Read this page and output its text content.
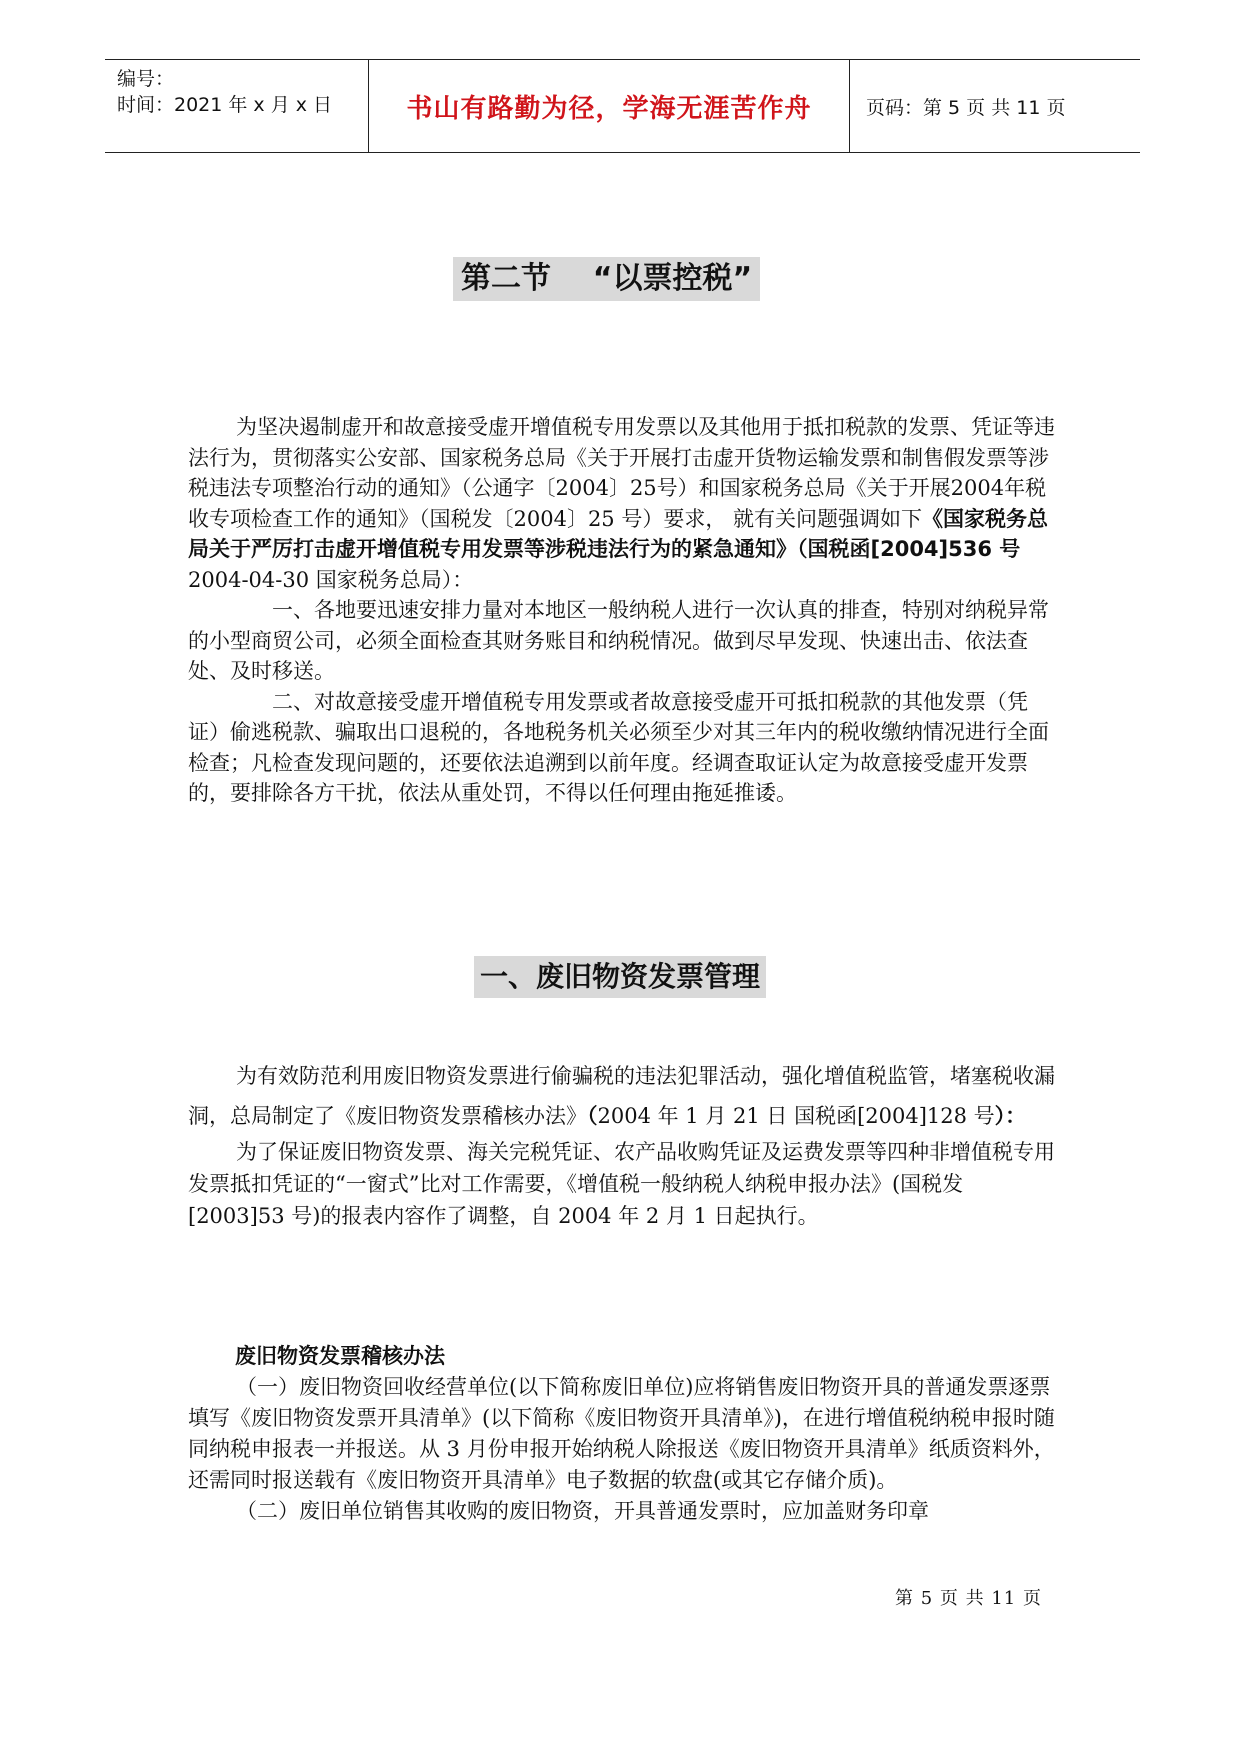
编号：
时间：2021 年 x 月 x 日	书山有路勤为径，学海无涯苦作舟	页码：第 5 页 共 11 页
第二节    “以票控税”

为坚决遏制虚开和故意接受虚开增值税专用发票以及其他用于抵扣税款的发票、凭证等违法行为，贯彻落实公安部、国家税务总局《关于开展打击虚开货物运输发票和制售假发票等涉税违法专项整治行动的通知》（公通字〔2004〕25号）和国家税务总局《关于开展2004年税收专项检查工作的通知》（国税发〔2004〕25 号）要求， 就有关问题强调如下《国家税务总局关于严厉打击虚开增值税专用发票等涉税违法行为的紧急通知》（国税函[2004]536 号2004-04-30 国家税务总局）：

一、各地要迅速安排力量对本地区一般纳税人进行一次认真的排查，特别对纳税异常的小型商贸公司，必须全面检查其财务账目和纳税情况。做到尽早发现、快速出击、依法查处、及时移送。

二、对故意接受虚开增值税专用发票或者故意接受虚开可抵扣税款的其他发票（凭证）偷逃税款、骗取出口退税的，各地税务机关必须至少对其三年内的税收缴纳情况进行全面检查；凡检查发现问题的，还要依法追溯到以前年度。经调查取证认定为故意接受虚开发票的，要排除各方干扰，依法从重处罚，不得以任何理由拖延推诿。

一、废旧物资发票管理

为有效防范利用废旧物资发票进行偷骗税的违法犯罪活动，强化增值税监管，堵塞税收漏洞，总局制定了《废旧物资发票稽核办法》（2004 年 1 月 21 日 国税函[2004]128 号）：

为了保证废旧物资发票、海关完税凭证、农产品收购凭证及运费发票等四种非增值税专用发票抵扣凭证的“一窗式”比对工作需要，《增值税一般纳税人纳税申报办法》(国税发[2003]53 号)的报表内容作了调整，自 2004 年 2 月 1 日起执行。

废旧物资发票稽核办法

（一）废旧物资回收经营单位(以下简称废旧单位)应将销售废旧物资开具的普通发票逐票填写《废旧物资发票开具清单》(以下简称《废旧物资开具清单》)，在进行增值税纳税申报时随同纳税申报表一并报送。从 3 月份申报开始纳税人除报送《废旧物资开具清单》纸质资料外，还需同时报送载有《废旧物资开具清单》电子数据的软盘(或其它存储介质)。

（二）废旧单位销售其收购的废旧物资，开具普通发票时，应加盖财务印章

第 5 页 共 11 页
